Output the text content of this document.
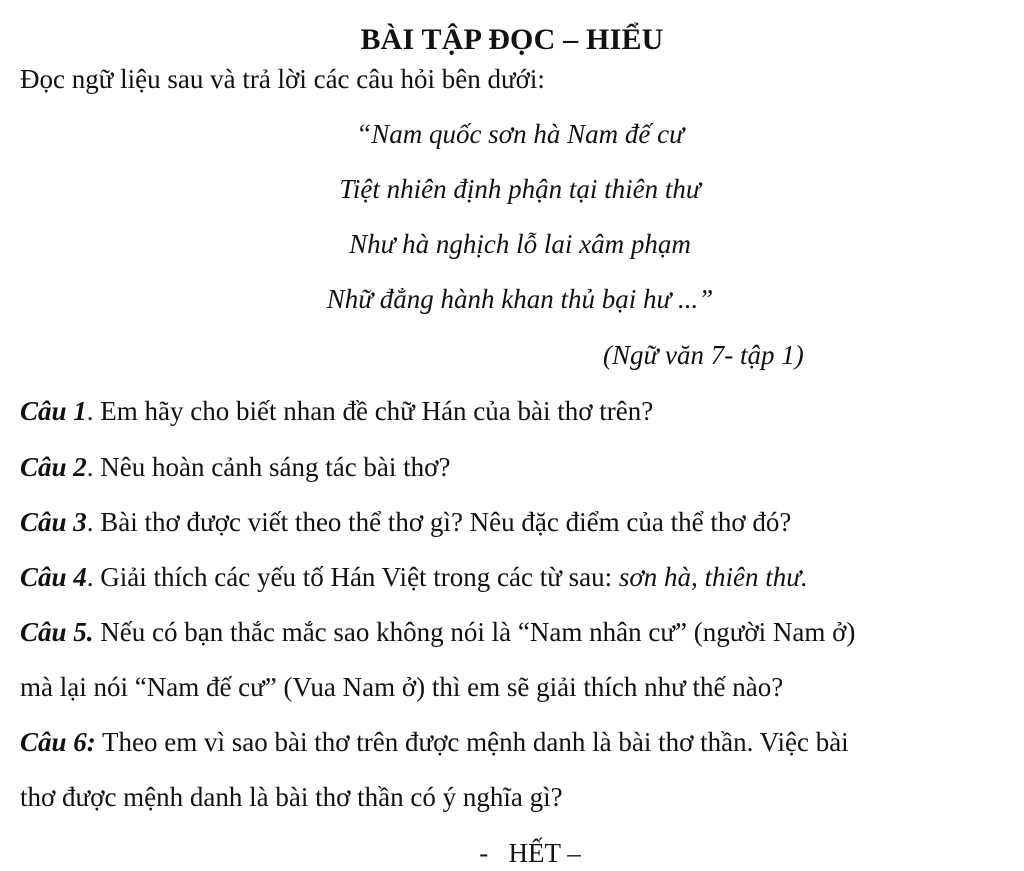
BÀI TẬP ĐỌC – HIỂU
Đọc ngữ liệu sau và trả lời các câu hỏi bên dưới:
“Nam quốc sơn hà Nam đế cư
Tiệt nhiên định phận tại thiên thư
Như hà nghịch lỗ lai xâm phạm
Nhữ đẳng hành khan thủ bại hư ...”
(Ngữ văn 7- tập 1)
Câu 1. Em hãy cho biết nhan đề chữ Hán của bài thơ trên?
Câu 2. Nêu hoàn cảnh sáng tác bài thơ?
Câu 3. Bài thơ được viết theo thể thơ gì? Nêu đặc điểm của thể thơ đó?
Câu 4. Giải thích các yếu tố Hán Việt trong các từ sau: sơn hà, thiên thư.
Câu 5. Nếu có bạn thắc mắc sao không nói là “Nam nhân cư” (người Nam ở)
mà lại nói “Nam đế cư” (Vua Nam ở) thì em sẽ giải thích như thế nào?
Câu 6: Theo em vì sao bài thơ trên được mệnh danh là bài thơ thần. Việc bài
thơ được mệnh danh là bài thơ thần có ý nghĩa gì?
-   HẾT –
